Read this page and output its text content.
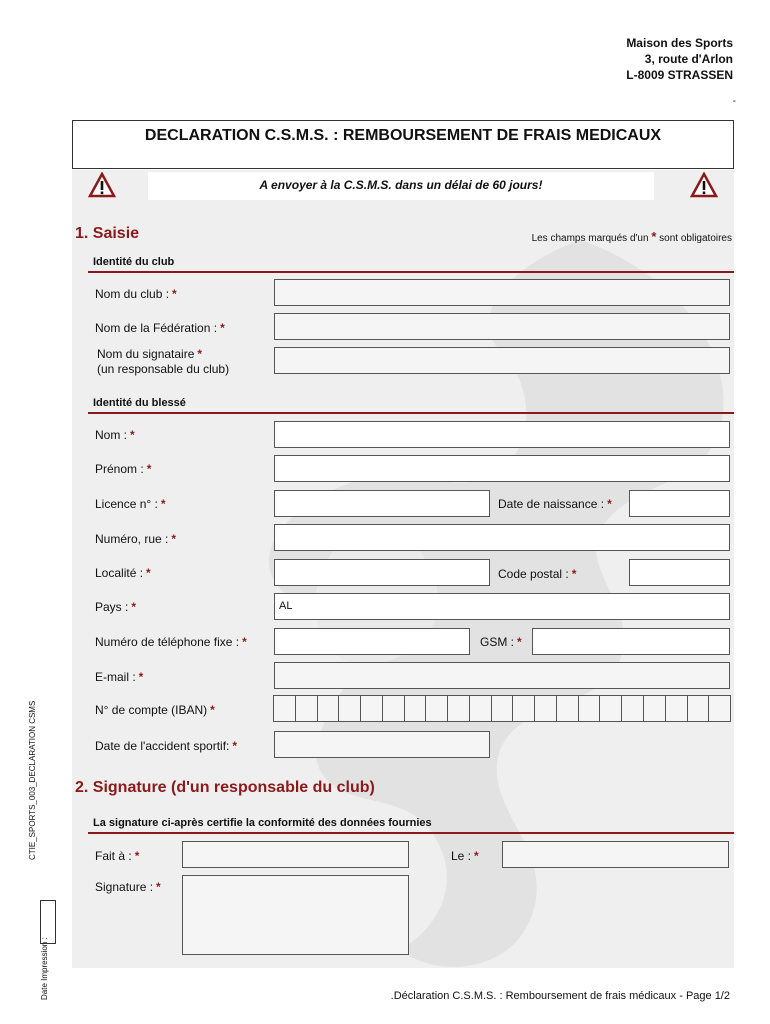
Maison des Sports
3, route d'Arlon
L-8009 STRASSEN
-
DECLARATION C.S.M.S. : REMBOURSEMENT DE FRAIS MEDICAUX
A envoyer à la C.S.M.S. dans un délai de 60 jours!
1. Saisie	Les champs marqués d'un * sont obligatoires
Identité du club
Nom du club : *
Nom de la Fédération : *
Nom du signataire *
(un responsable du club)
Identité du blessé
Nom : *
Prénom : *
Licence n° : *	Date de naissance : *
Numéro, rue : *
Localité : *	Code postal : *
Pays : *	AL
Numéro de téléphone fixe : *	GSM : *
E-mail : *
N° de compte (IBAN) *
Date de l'accident sportif: *
2. Signature (d'un responsable du club)
La signature ci-après certifie la conformité des données fournies
Fait à : *	Le : *
Signature : *
CTIE_SPORTS_003_DECLARATION CSMS
Date Impression :	.Déclaration C.S.M.S. : Remboursement de frais médicaux - Page 1/2
